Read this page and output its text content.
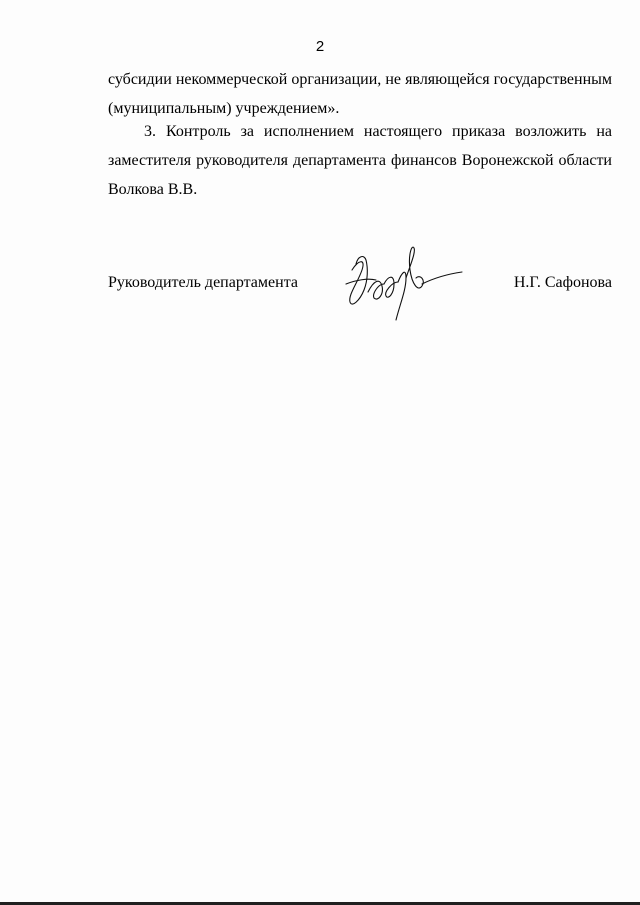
2
субсидии некоммерческой организации, не являющейся государственным
(муниципальным) учреждением».
3. Контроль за исполнением настоящего приказа возложить на
заместителя руководителя департамента финансов Воронежской области
Волкова В.В.
Руководитель департамента	Н.Г. Сафонова
